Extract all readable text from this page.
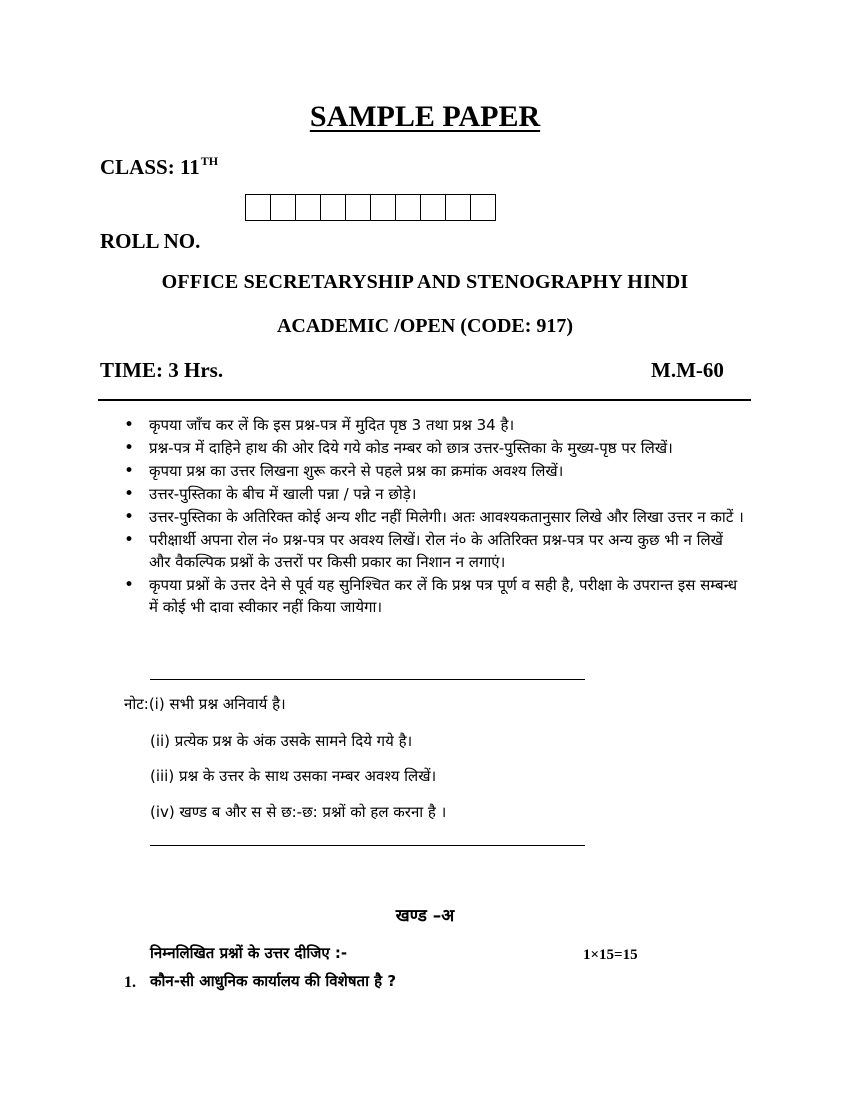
SAMPLE PAPER
CLASS: 11TH
ROLL NO.
OFFICE SECRETARYSHIP AND STENOGRAPHY HINDI
ACADEMIC /OPEN (CODE: 917)
TIME: 3 Hrs.	M.M-60
• कृपया जाँच कर लें कि इस प्रश्न-पत्र में मुदित पृष्ठ 3 तथा प्रश्न 34 है।
• प्रश्न-पत्र में दाहिने हाथ की ओर दिये गये कोड नम्बर को छात्र उत्तर-पुस्तिका के मुख्य-पृष्ठ पर लिखें।
• कृपया प्रश्न का उत्तर लिखना शुरू करने से पहले प्रश्न का क्रमांक अवश्य लिखें।
• उत्तर-पुस्तिका के बीच में खाली पन्ना / पन्ने न छोड़े।
• उत्तर-पुस्तिका के अतिरिक्त कोई अन्य शीट नहीं मिलेगी। अतः आवश्यकतानुसार लिखे और लिखा उत्तर न काटें ।
• परीक्षार्थी अपना रोल नं० प्रश्न-पत्र पर अवश्य लिखें। रोल नं० के अतिरिक्त प्रश्न-पत्र पर अन्य कुछ भी न लिखें और वैकल्पिक प्रश्नों के उत्तरों पर किसी प्रकार का निशान न लगाएं।
• कृपया प्रश्नों के उत्तर देने से पूर्व यह सुनिश्चित कर लें कि प्रश्न पत्र पूर्ण व सही है, परीक्षा के उपरान्त इस सम्बन्ध में कोई भी दावा स्वीकार नहीं किया जायेगा।
नोट:(i) सभी प्रश्न अनिवार्य है।
(ii) प्रत्येक प्रश्न के अंक उसके सामने दिये गये है।
(iii) प्रश्न के उत्तर के साथ उसका नम्बर अवश्य लिखें।
(iv) खण्ड ब और स से छ:-छ: प्रश्नों को हल करना है ।
खण्ड –अ
निम्नलिखित प्रश्नों के उत्तर दीजिए :-	1×15=15
1. कौन-सी आधुनिक कार्यालय की विशेषता है ?
